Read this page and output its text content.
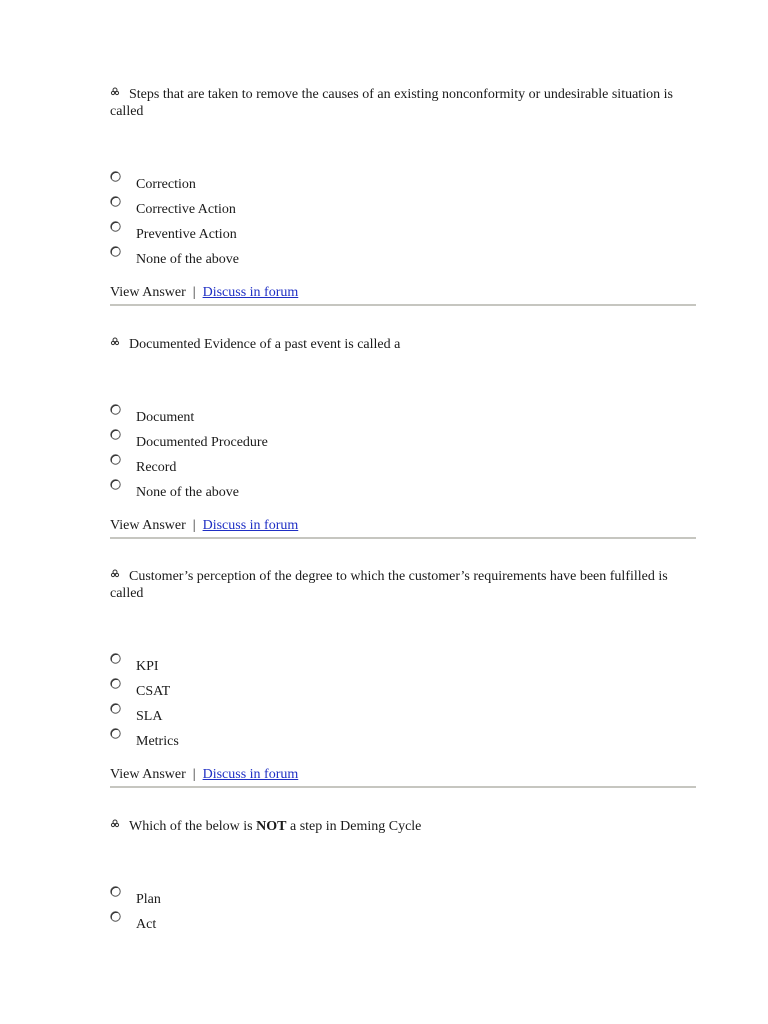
Steps that are taken to remove the causes of an existing nonconformity or undesirable situation is called

Correction
Corrective Action
Preventive Action
None of the above
View Answer  |  Discuss in forum

Documented Evidence of a past event is called a

Document
Documented Procedure
Record
None of the above
View Answer  |  Discuss in forum

Customer’s perception of the degree to which the customer’s requirements have been fulfilled is called

KPI
CSAT
SLA
Metrics
View Answer  |  Discuss in forum

Which of the below is NOT a step in Deming Cycle

Plan
Act
